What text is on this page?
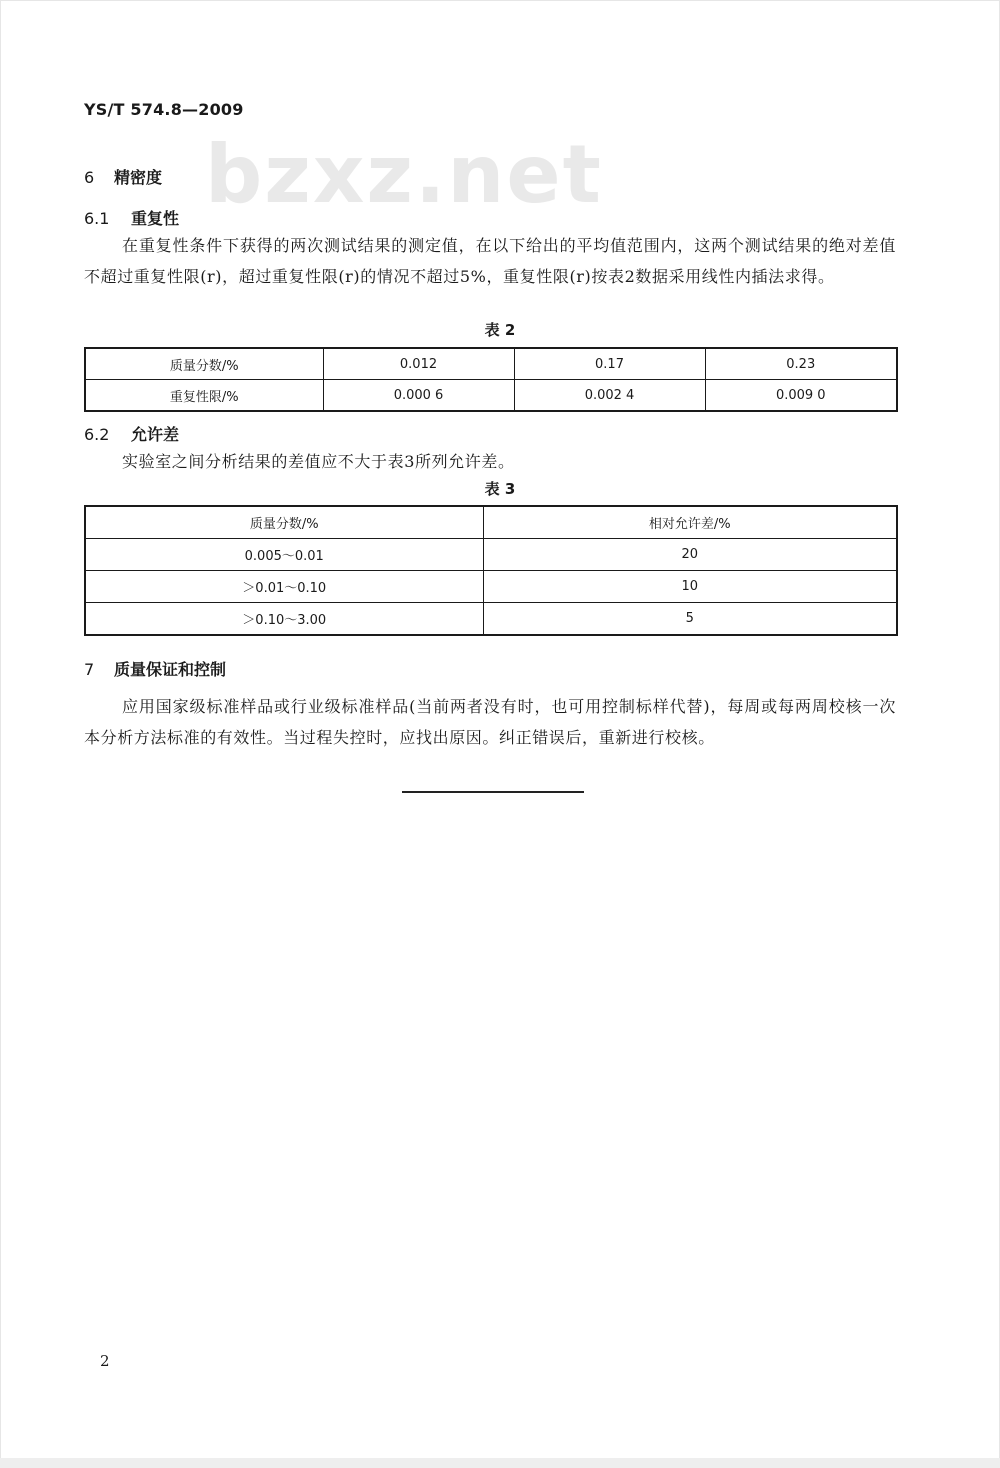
YS/T 574.8—2009
bzxz.net
6 精密度
6.1 重复性

在重复性条件下获得的两次测试结果的测定值，在以下给出的平均值范围内，这两个测试结果的绝对差值不超过重复性限(r)，超过重复性限(r)的情况不超过5%，重复性限(r)按表2数据采用线性内插法求得。

表 2
质量分数/%	0.012	0.17	0.23
重复性限/%	0.000 6	0.002 4	0.009 0
6.2 允许差

实验室之间分析结果的差值应不大于表3所列允许差。

表 3
质量分数/%	相对允许差/%
0.005～0.01	20
＞0.01～0.10	10
＞0.10～3.00	5
7 质量保证和控制

应用国家级标准样品或行业级标准样品(当前两者没有时，也可用控制标样代替)，每周或每两周校核一次本分析方法标准的有效性。当过程失控时，应找出原因。纠正错误后，重新进行校核。

2
